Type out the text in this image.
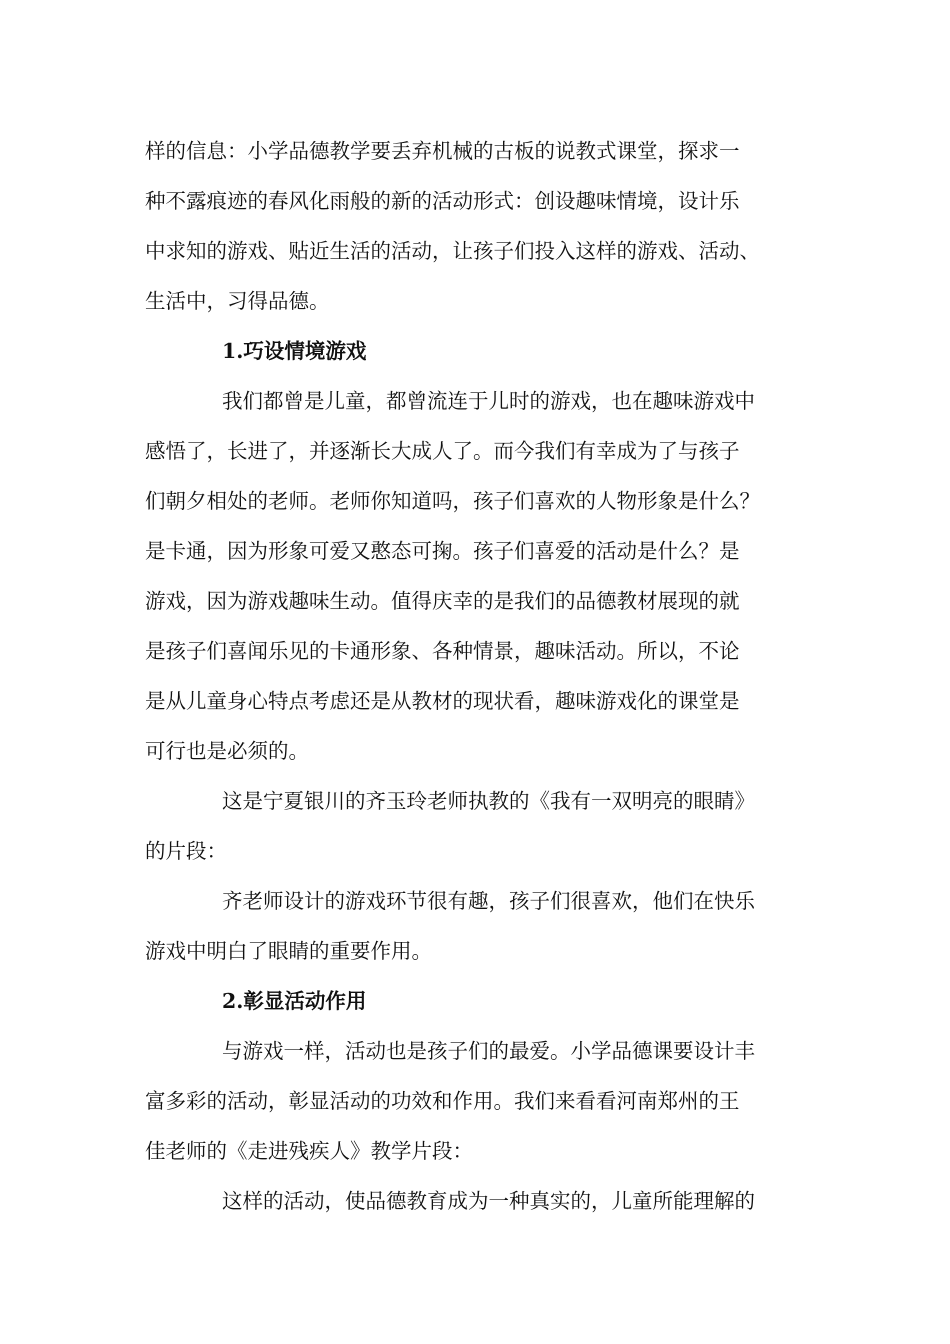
样的信息：小学品德教学要丢弃机械的古板的说教式课堂，探求一
种不露痕迹的春风化雨般的新的活动形式：创设趣味情境，设计乐
中求知的游戏、贴近生活的活动，让孩子们投入这样的游戏、活动、
生活中，习得品德。
1.巧设情境游戏
我们都曾是儿童，都曾流连于儿时的游戏，也在趣味游戏中
感悟了，长进了，并逐渐长大成人了。而今我们有幸成为了与孩子
们朝夕相处的老师。老师你知道吗，孩子们喜欢的人物形象是什么？
是卡通，因为形象可爱又憨态可掬。孩子们喜爱的活动是什么？是
游戏，因为游戏趣味生动。值得庆幸的是我们的品德教材展现的就
是孩子们喜闻乐见的卡通形象、各种情景，趣味活动。所以，不论
是从儿童身心特点考虑还是从教材的现状看，趣味游戏化的课堂是
可行也是必须的。
这是宁夏银川的齐玉玲老师执教的《我有一双明亮的眼睛》
的片段：
齐老师设计的游戏环节很有趣，孩子们很喜欢，他们在快乐
游戏中明白了眼睛的重要作用。
2.彰显活动作用
与游戏一样，活动也是孩子们的最爱。小学品德课要设计丰
富多彩的活动，彰显活动的功效和作用。我们来看看河南郑州的王
佳老师的《走进残疾人》教学片段：
这样的活动，使品德教育成为一种真实的，儿童所能理解的
